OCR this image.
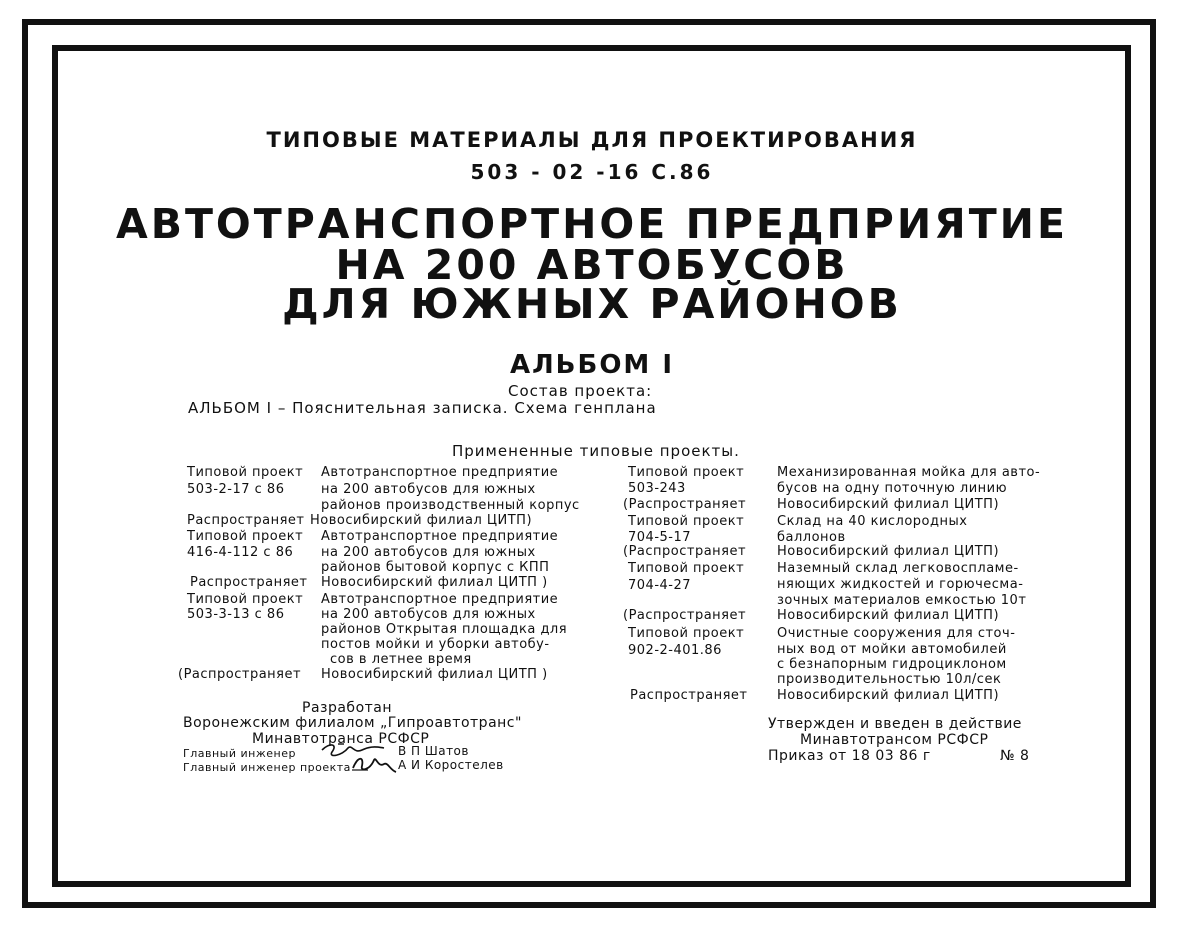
ТИПОВЫЕ МАТЕРИАЛЫ ДЛЯ ПРОЕКТИРОВАНИЯ
503 - 02 -16 С.86
АВТОТРАНСПОРТНОЕ ПРЕДПРИЯТИЕ
НА 200 АВТОБУСОВ
ДЛЯ ЮЖНЫХ РАЙОНОВ
АЛЬБОМ I
Состав проекта:
АЛЬБОМ I – Пояснительная записка. Схема генплана
Примененные типовые проекты.
Типовой проект
503-2-17 с 86
Автотранспортное предприятие
на 200 автобусов для южных
районов производственный корпус
Распространяет Новосибирский филиал ЦИТП)
Типовой проект
416-4-112 с 86
Автотранспортное предприятие
на 200 автобусов для южных
районов бытовой корпус с КПП
Распространяет Новосибирский филиал ЦИТП )
Типовой проект
503-3-13 с 86
Автотранспортное предприятие
на 200 автобусов для южных
районов Открытая площадка для
постов мойки и уборки автобу-
сов в летнее время
(Распространяет Новосибирский филиал ЦИТП )
Типовой проект
503-243
Механизированная мойка для авто-
бусов на одну поточную линию
(Распространяет Новосибирский филиал ЦИТП)
Типовой проект
704-5-17
Склад на 40 кислородных
баллонов
(Распространяет Новосибирский филиал ЦИТП)
Типовой проект
704-4-27
Наземный склад легковоспламе-
няющих жидкостей и горючесма-
зочных материалов емкостью 10т
(Распространяет Новосибирский филиал ЦИТП)
Типовой проект
902-2-401.86
Очистные сооружения для сточ-
ных вод от мойки автомобилей
с безнапорным гидроциклоном
производительностью 10л/сек
Распространяет Новосибирский филиал ЦИТП)
Разработан
Воронежским филиалом „Гипроавтотранс"
Минавтотранса РСФСР
Главный инженер	В П Шатов
Главный инженер проекта	А И Коростелев
Утвержден и введен в действие
Минавтотрансом РСФСР
Приказ от 18 03 86 г	№ 8
